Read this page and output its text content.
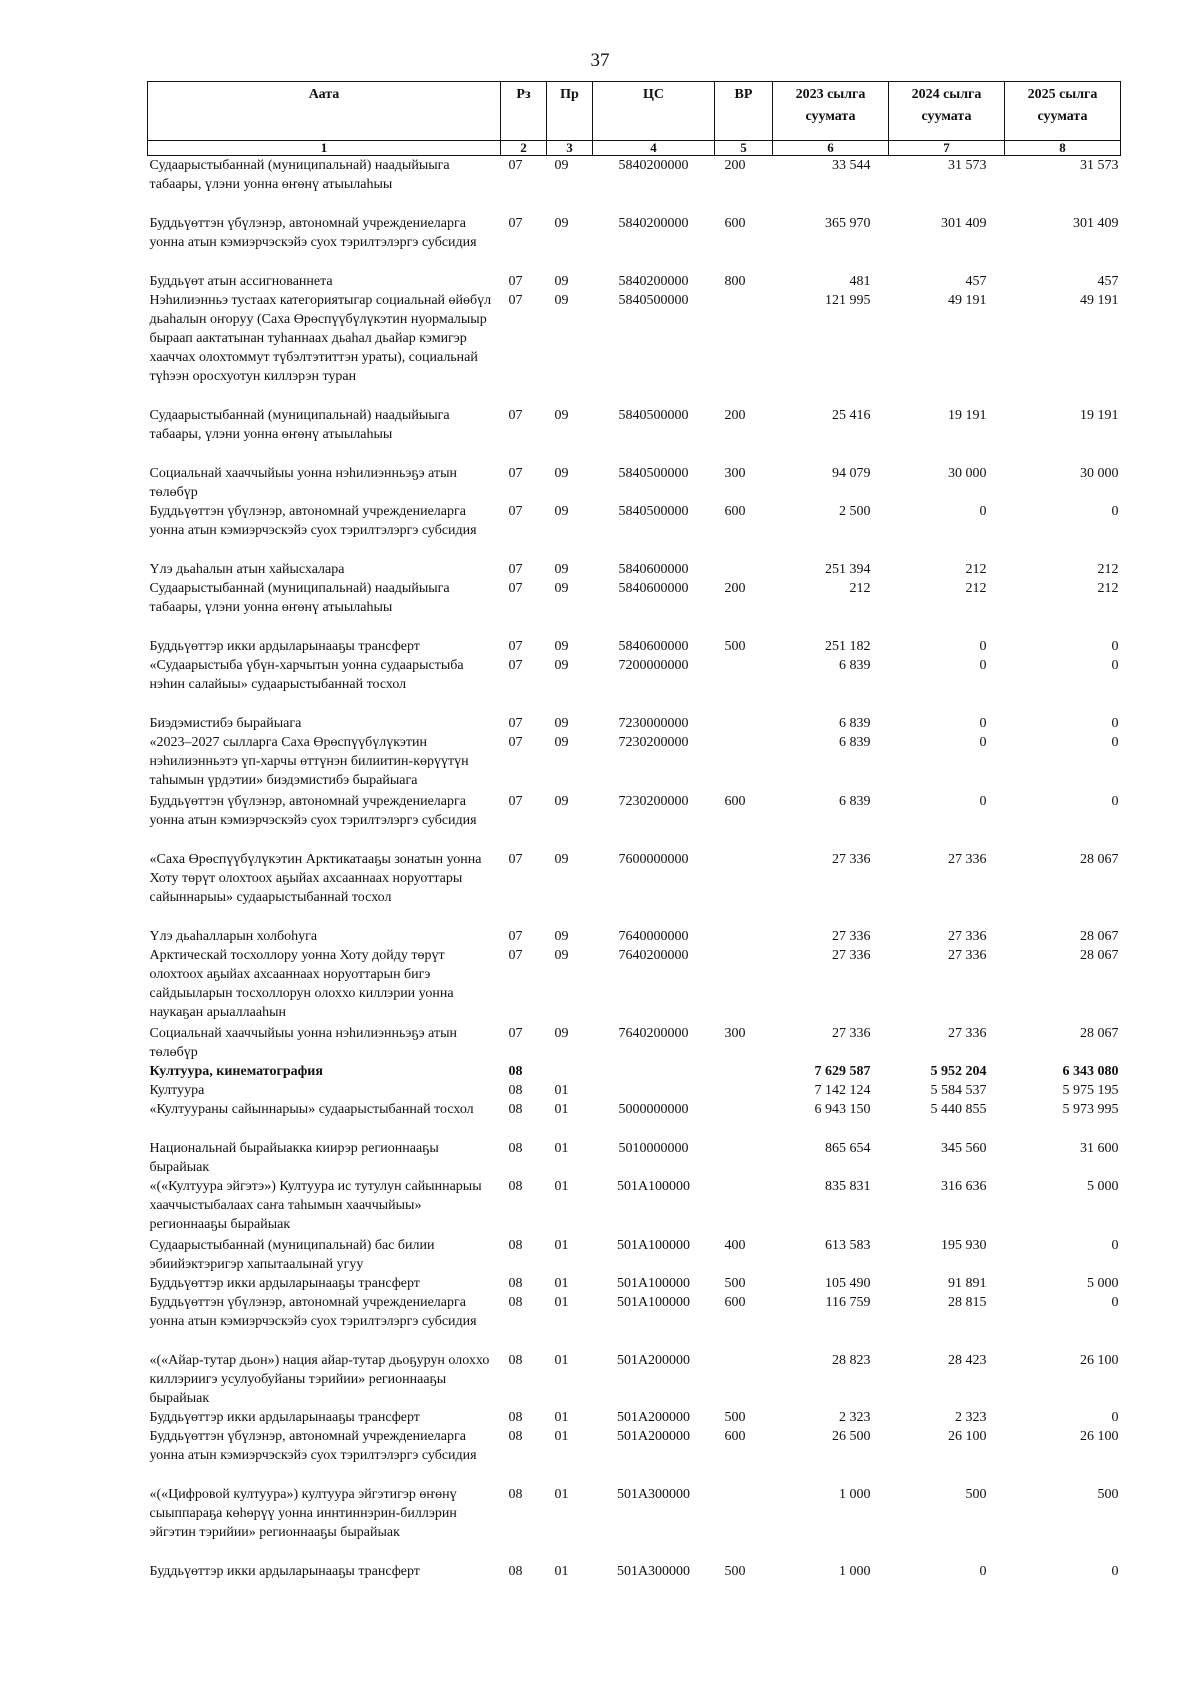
37
Аата	Рз	Пр	ЦС	ВР	2023 сылга суумата	2024 сылга суумата	2025 сылга суумата
1	2	3	4	5	6	7	8
Судаарыстыбаннай (муниципальнай) наадыйыыга табаары, үлэни уонна өҥөнү атыылаһыы	07	09	5840200000	200	33 544	31 573	31 573
Буддьүөттэн үбүлэнэр, автономнай учреждениеларга уонна атын кэмиэрчэскэйэ суох тэрилтэлэргэ субсидия	07	09	5840200000	600	365 970	301 409	301 409
Буддьүөт атын ассигнованнета	07	09	5840200000	800	481	457	457
Нэһилиэнньэ тустаах категориятыгар социальнай өйөбүл дьаһалын оҥоруу (Саха Өрөспүүбүлүкэтин нуормалыыр быраап аактатынан туһаннаах дьаһал дьайар кэмигэр хааччах олохтоммут түбэлтэтиттэн ураты), социальнай түһээн оросхуотун киллэрэн туран	07	09	5840500000		121 995	49 191	49 191
Судаарыстыбаннай (муниципальнай) наадыйыыга табаары, үлэни уонна өҥөнү атыылаһыы	07	09	5840500000	200	25 416	19 191	19 191
Социальнай хааччыйыы уонна нэһилиэнньэҕэ атын төлөбүр	07	09	5840500000	300	94 079	30 000	30 000
Буддьүөттэн үбүлэнэр, автономнай учреждениеларга уонна атын кэмиэрчэскэйэ суох тэрилтэлэргэ субсидия	07	09	5840500000	600	2 500	0	0
Үлэ дьаһалын атын хайысхалара	07	09	5840600000		251 394	212	212
Судаарыстыбаннай (муниципальнай) наадыйыыга табаары, үлэни уонна өҥөнү атыылаһыы	07	09	5840600000	200	212	212	212
Буддьүөттэр икки ардыларынааҕы трансферт	07	09	5840600000	500	251 182	0	0
«Судаарыстыба үбүн-харчытын уонна судаарыстыба нэһин салайыы» судаарыстыбаннай тосхол	07	09	7200000000		6 839	0	0
Биэдэмистибэ бырайыага	07	09	7230000000		6 839	0	0
«2023–2027 сылларга Саха Өрөспүүбүлүкэтин нэһилиэнньэтэ үп-харчы өттүнэн билиитин-көрүүтүн таһымын үрдэтии» биэдэмистибэ бырайыага	07	09	7230200000		6 839	0	0
Буддьүөттэн үбүлэнэр, автономнай учреждениеларга уонна атын кэмиэрчэскэйэ суох тэрилтэлэргэ субсидия	07	09	7230200000	600	6 839	0	0
«Саха Өрөспүүбүлүкэтин Арктикатааҕы зонатын уонна Хоту төрүт олохтоох аҕыйах ахсааннаах норуоттары сайыннарыы» судаарыстыбаннай тосхол	07	09	7600000000		27 336	27 336	28 067
Үлэ дьаһалларын холбоһуга	07	09	7640000000		27 336	27 336	28 067
Арктическай тосхоллору уонна Хоту дойду төрүт олохтоох аҕыйах ахсааннаах норуоттарын бигэ сайдыыларын тосхоллорун олоххо киллэрии уонна наукаҕан арыаллааһын	07	09	7640200000		27 336	27 336	28 067
Социальнай хааччыйыы уонна нэһилиэнньэҕэ атын төлөбүр	07	09	7640200000	300	27 336	27 336	28 067
Култуура, кинематография	08				7 629 587	5 952 204	6 343 080
Култуура	08	01			7 142 124	5 584 537	5 975 195
«Култуураны сайыннарыы» судаарыстыбаннай тосхол	08	01	5000000000		6 943 150	5 440 855	5 973 995
Национальнай бырайыакка киирэр регионнааҕы бырайыак	08	01	5010000000		865 654	345 560	31 600
«(«Култуура эйгэтэ») Култуура ис тутулун сайыннарыы хааччыстыбалаах саҥа таһымын хааччыйыы» регионнааҕы бырайыак	08	01	501А100000		835 831	316 636	5 000
Судаарыстыбаннай (муниципальнай) бас билии эбиийэктэригэр хапытаалынай угуу	08	01	501А100000	400	613 583	195 930	0
Буддьүөттэр икки ардыларынааҕы трансферт	08	01	501А100000	500	105 490	91 891	5 000
Буддьүөттэн үбүлэнэр, автономнай учреждениеларга уонна атын кэмиэрчэскэйэ суох тэрилтэлэргэ субсидия	08	01	501А100000	600	116 759	28 815	0
«(«Айар-тутар дьон») нация айар-тутар дьоҕурун олоххо киллэриигэ усулуобуйаны тэрийии» регионнааҕы бырайыак	08	01	501А200000		28 823	28 423	26 100
Буддьүөттэр икки ардыларынааҕы трансферт	08	01	501А200000	500	2 323	2 323	0
Буддьүөттэн үбүлэнэр, автономнай учреждениеларга уонна атын кэмиэрчэскэйэ суох тэрилтэлэргэ субсидия	08	01	501А200000	600	26 500	26 100	26 100
«(«Цифровой култуура») култуура эйгэтигэр өҥөнү сыыппараҕа көһөрүү уонна иннтиннэрин-биллэрин эйгэтин тэрийии» регионнааҕы бырайыак	08	01	501А300000		1 000	500	500
Буддьүөттэр икки ардыларынааҕы трансферт	08	01	501А300000	500	1 000	0	0
